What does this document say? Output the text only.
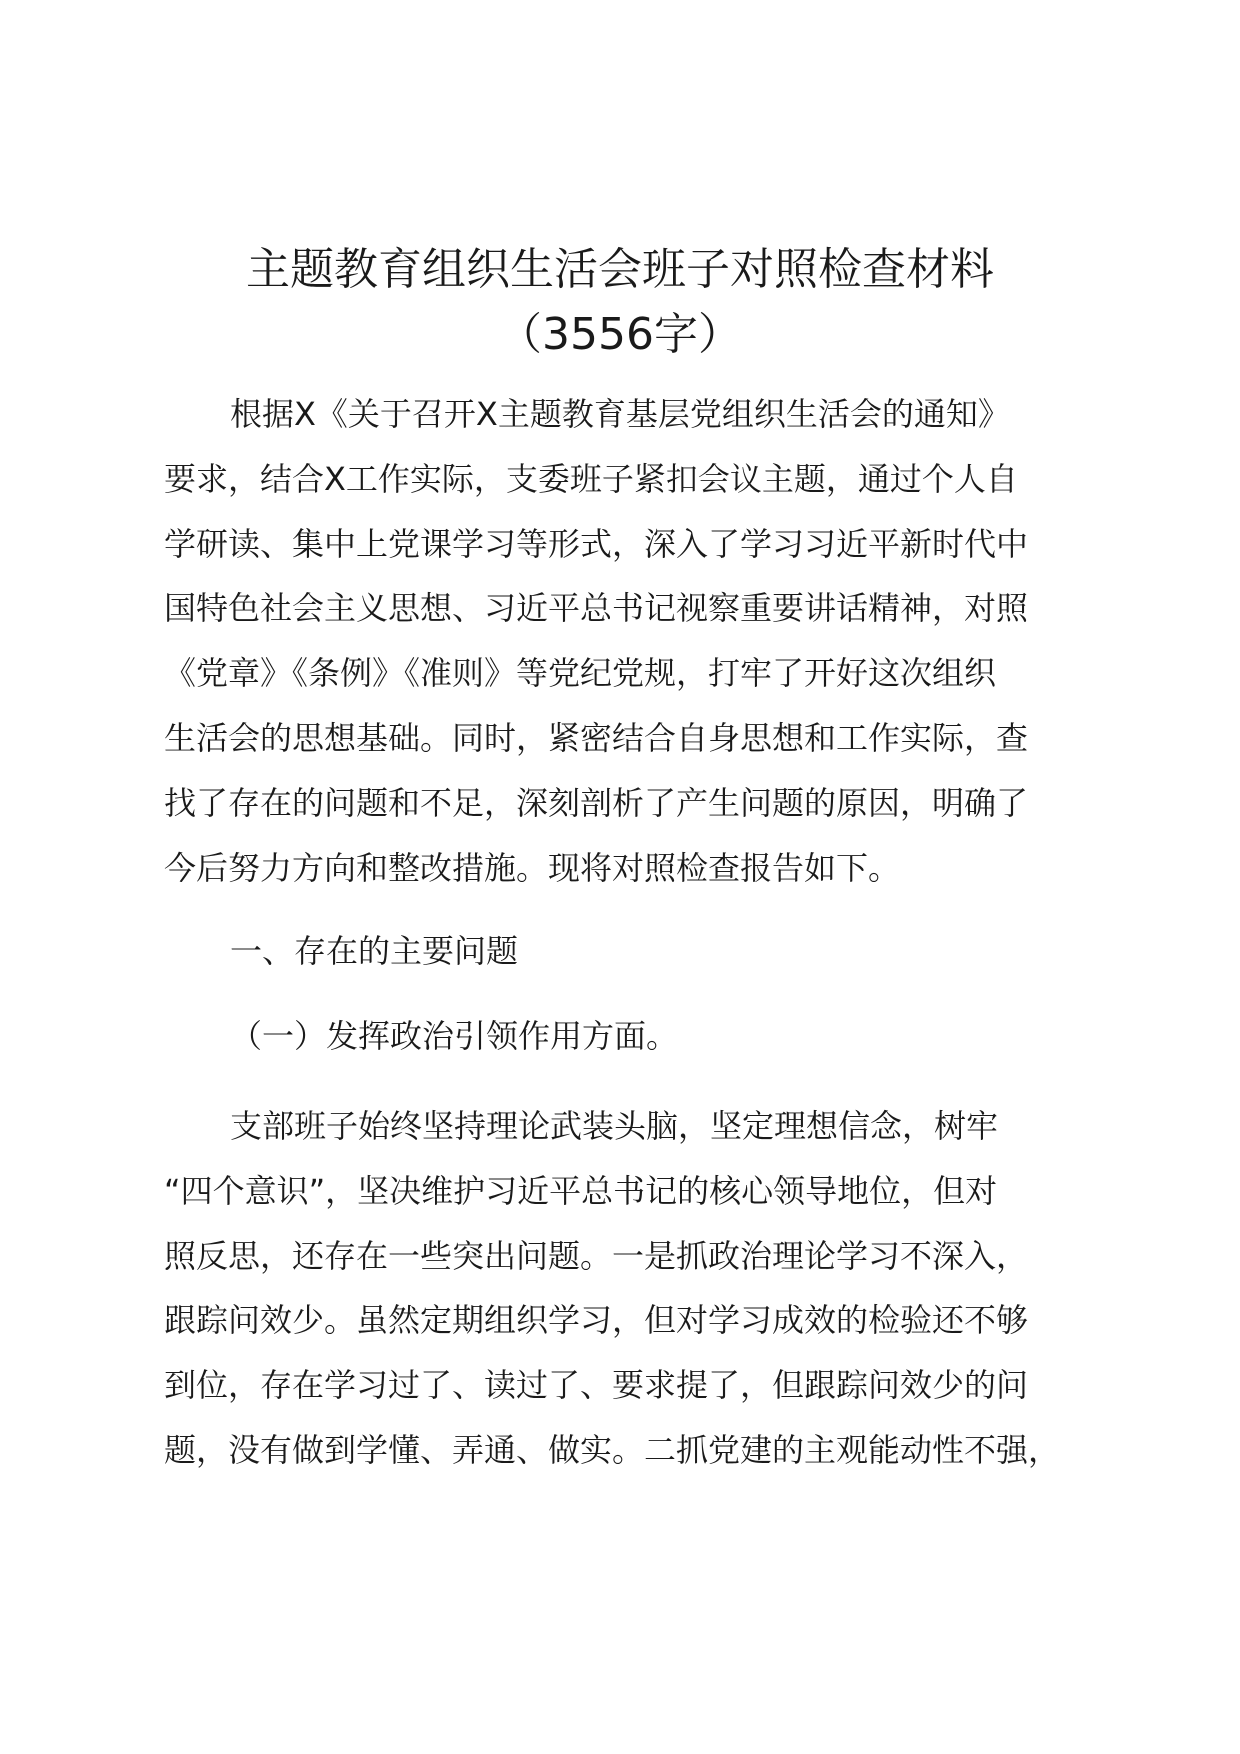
主题教育组织生活会班子对照检查材料
（3556字）
根据X《关于召开X主题教育基层党组织生活会的通知》
要求，结合X工作实际，支委班子紧扣会议主题，通过个人自
学研读、集中上党课学习等形式，深入了学习习近平新时代中
国特色社会主义思想、习近平总书记视察重要讲话精神，对照
《党章》《条例》《准则》等党纪党规，打牢了开好这次组织
生活会的思想基础。同时，紧密结合自身思想和工作实际，查
找了存在的问题和不足，深刻剖析了产生问题的原因，明确了
今后努力方向和整改措施。现将对照检查报告如下。
一、存在的主要问题
（一）发挥政治引领作用方面。
支部班子始终坚持理论武装头脑，坚定理想信念，树牢
“四个意识”，坚决维护习近平总书记的核心领导地位，但对
照反思，还存在一些突出问题。一是抓政治理论学习不深入，
跟踪问效少。虽然定期组织学习，但对学习成效的检验还不够
到位，存在学习过了、读过了、要求提了，但跟踪问效少的问
题，没有做到学懂、弄通、做实。二抓党建的主观能动性不强，
